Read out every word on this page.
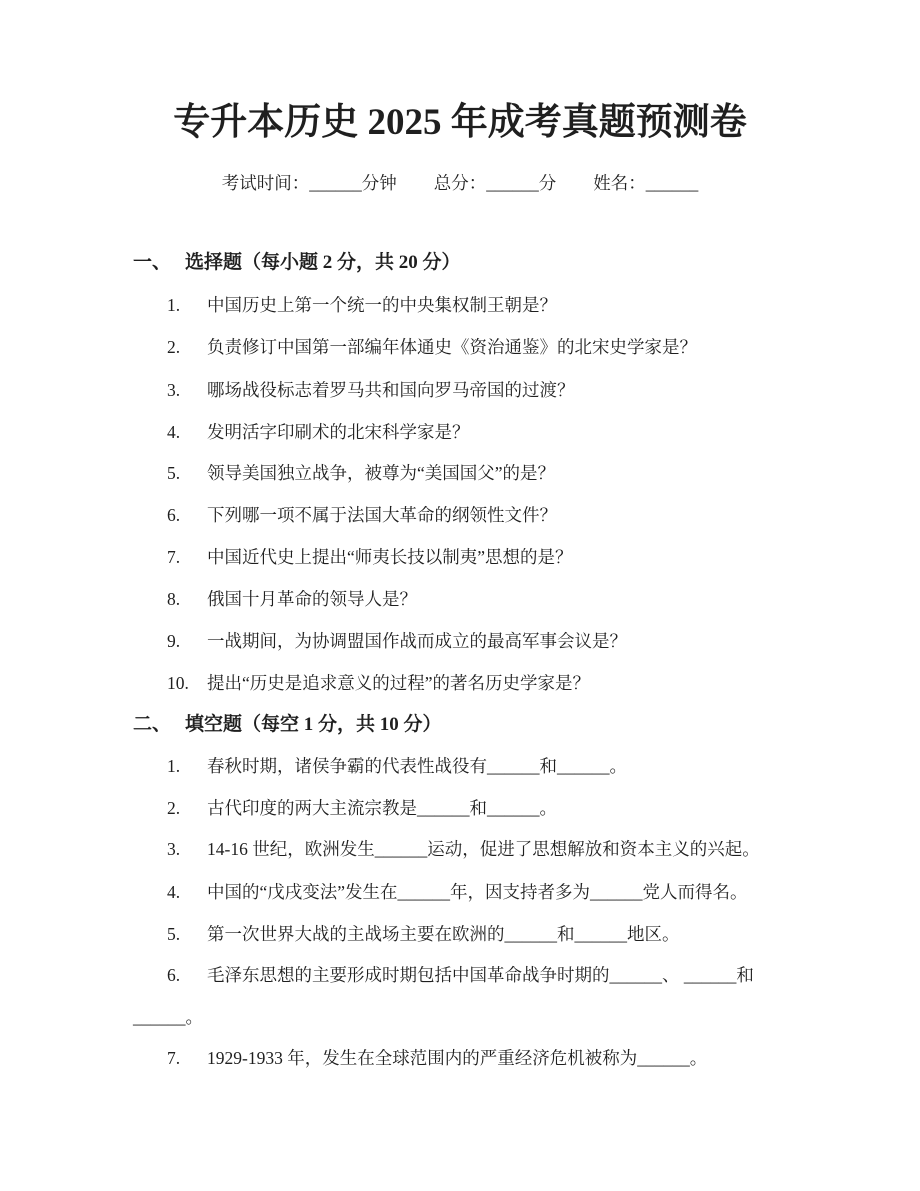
专升本历史 2025 年成考真题预测卷
考试时间：______分钟 总分：______分 姓名：______
一、 选择题（每小题 2 分，共 20 分）
1.	中国历史上第一个统一的中央集权制王朝是？
2.	负责修订中国第一部编年体通史《资治通鉴》的北宋史学家是？
3.	哪场战役标志着罗马共和国向罗马帝国的过渡？
4.	发明活字印刷术的北宋科学家是？
5.	领导美国独立战争，被尊为“美国国父”的是？
6.	下列哪一项不属于法国大革命的纲领性文件？
7.	中国近代史上提出“师夷长技以制夷”思想的是？
8.	俄国十月革命的领导人是？
9.	一战期间，为协调盟国作战而成立的最高军事会议是？
10.	提出“历史是追求意义的过程”的著名历史学家是？
二、 填空题（每空 1 分，共 10 分）
1.	春秋时期，诸侯争霸的代表性战役有______和______。
2.	古代印度的两大主流宗教是______和______。
3.	14-16 世纪，欧洲发生______运动，促进了思想解放和资本主义的兴起。
4.	中国的“戊戌变法”发生在______年，因支持者多为______党人而得名。
5.	第一次世界大战的主战场主要在欧洲的______和______地区。
6.	毛泽东思想的主要形成时期包括中国革命战争时期的______、 ______和
______。
7.	1929-1933 年，发生在全球范围内的严重经济危机被称为______。
